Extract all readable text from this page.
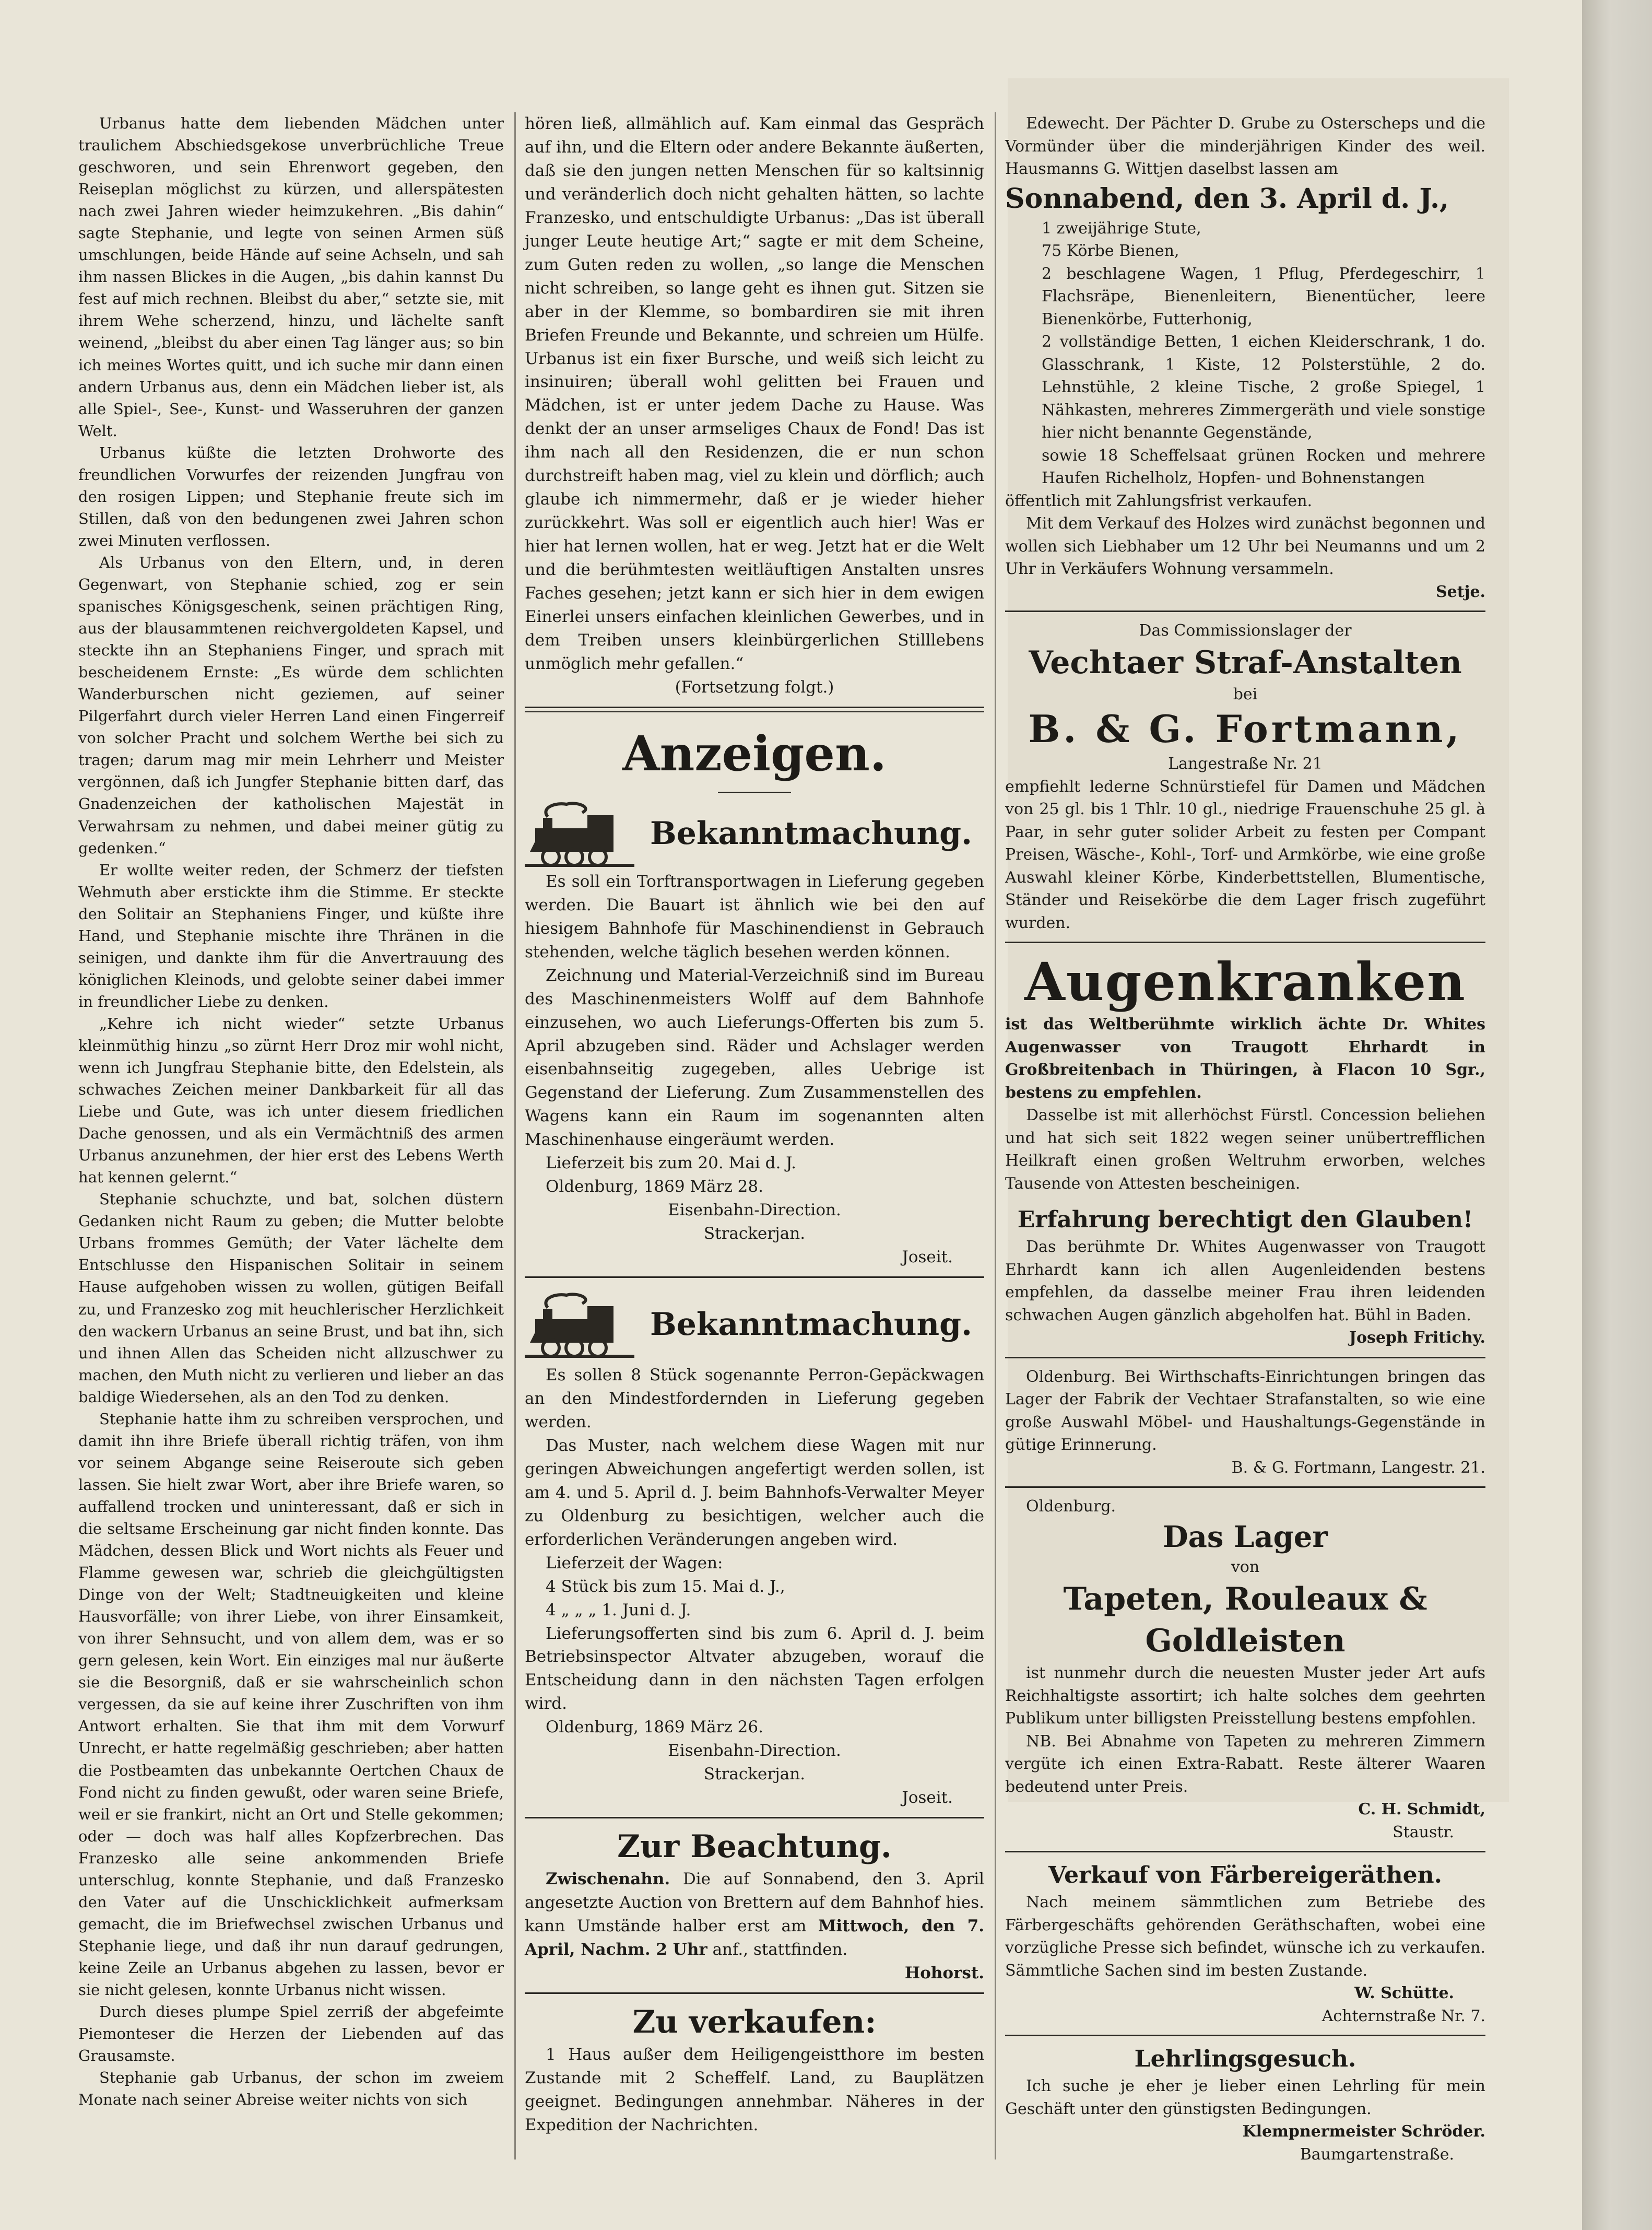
Urbanus hatte dem liebenden Mädchen unter traulichem Abschiedsgekose unverbrüchliche Treue geschworen, und sein Ehrenwort gegeben, den Reiseplan möglichst zu kürzen, und allerspätesten nach zwei Jahren wieder heimzukehren. „Bis dahin“ sagte Stephanie, und legte von seinen Armen süß umschlungen, beide Hände auf seine Achseln, und sah ihm nassen Blickes in die Augen, „bis dahin kannst Du fest auf mich rechnen. Bleibst du aber,“ setzte sie, mit ihrem Wehe scherzend, hinzu, und lächelte sanft weinend, „bleibst du aber einen Tag länger aus; so bin ich meines Wortes quitt, und ich suche mir dann einen andern Urbanus aus, denn ein Mädchen lieber ist, als alle Spiel-, See-, Kunst- und Wasseruhren der ganzen Welt.

Urbanus küßte die letzten Drohworte des freundlichen Vorwurfes der reizenden Jungfrau von den rosigen Lippen; und Stephanie freute sich im Stillen, daß von den bedungenen zwei Jahren schon zwei Minuten verflossen.

Als Urbanus von den Eltern, und, in deren Gegenwart, von Stephanie schied, zog er sein spanisches Königsgeschenk, seinen prächtigen Ring, aus der blausammtenen reichvergoldeten Kapsel, und steckte ihn an Stephaniens Finger, und sprach mit bescheidenem Ernste: „Es würde dem schlichten Wanderburschen nicht geziemen, auf seiner Pilgerfahrt durch vieler Herren Land einen Fingerreif von solcher Pracht und solchem Werthe bei sich zu tragen; darum mag mir mein Lehrherr und Meister vergönnen, daß ich Jungfer Stephanie bitten darf, das Gnadenzeichen der katholischen Majestät in Verwahrsam zu nehmen, und dabei meiner gütig zu gedenken.“

Er wollte weiter reden, der Schmerz der tiefsten Wehmuth aber erstickte ihm die Stimme. Er steckte den Solitair an Stephaniens Finger, und küßte ihre Hand, und Stephanie mischte ihre Thränen in die seinigen, und dankte ihm für die Anvertrauung des königlichen Kleinods, und gelobte seiner dabei immer in freundlicher Liebe zu denken.

„Kehre ich nicht wieder“ setzte Urbanus kleinmüthig hinzu „so zürnt Herr Droz mir wohl nicht, wenn ich Jungfrau Stephanie bitte, den Edelstein, als schwaches Zeichen meiner Dankbarkeit für all das Liebe und Gute, was ich unter diesem friedlichen Dache genossen, und als ein Vermächtniß des armen Urbanus anzunehmen, der hier erst des Lebens Werth hat kennen gelernt.“

Stephanie schuchzte, und bat, solchen düstern Gedanken nicht Raum zu geben; die Mutter belobte Urbans frommes Gemüth; der Vater lächelte dem Entschlusse den Hispanischen Solitair in seinem Hause aufgehoben wissen zu wollen, gütigen Beifall zu, und Franzesko zog mit heuchlerischer Herzlichkeit den wackern Urbanus an seine Brust, und bat ihn, sich und ihnen Allen das Scheiden nicht allzuschwer zu machen, den Muth nicht zu verlieren und lieber an das baldige Wiedersehen, als an den Tod zu denken.

Stephanie hatte ihm zu schreiben versprochen, und damit ihn ihre Briefe überall richtig träfen, von ihm vor seinem Abgange seine Reiseroute sich geben lassen. Sie hielt zwar Wort, aber ihre Briefe waren, so auffallend trocken und uninteressant, daß er sich in die seltsame Erscheinung gar nicht finden konnte. Das Mädchen, dessen Blick und Wort nichts als Feuer und Flamme gewesen war, schrieb die gleichgültigsten Dinge von der Welt; Stadtneuigkeiten und kleine Hausvorfälle; von ihrer Liebe, von ihrer Einsamkeit, von ihrer Sehnsucht, und von allem dem, was er so gern gelesen, kein Wort. Ein einziges mal nur äußerte sie die Besorgniß, daß er sie wahrscheinlich schon vergessen, da sie auf keine ihrer Zuschriften von ihm Antwort erhalten. Sie that ihm mit dem Vorwurf Unrecht, er hatte regelmäßig geschrieben; aber hatten die Postbeamten das unbekannte Oertchen Chaux de Fond nicht zu finden gewußt, oder waren seine Briefe, weil er sie frankirt, nicht an Ort und Stelle gekommen; oder — doch was half alles Kopfzerbrechen. Das Franzesko alle seine ankommenden Briefe unterschlug, konnte Stephanie, und daß Franzesko den Vater auf die Unschicklichkeit aufmerksam gemacht, die im Briefwechsel zwischen Urbanus und Stephanie liege, und daß ihr nun darauf gedrungen, keine Zeile an Urbanus abgehen zu lassen, bevor er sie nicht gelesen, konnte Urbanus nicht wissen.

Durch dieses plumpe Spiel zerriß der abgefeimte Piemonteser die Herzen der Liebenden auf das Grausamste.

Stephanie gab Urbanus, der schon im zweiem Monate nach seiner Abreise weiter nichts von sich

hören ließ, allmählich auf. Kam einmal das Gespräch auf ihn, und die Eltern oder andere Bekannte äußerten, daß sie den jungen netten Menschen für so kaltsinnig und veränderlich doch nicht gehalten hätten, so lachte Franzesko, und entschuldigte Urbanus: „Das ist überall junger Leute heutige Art;“ sagte er mit dem Scheine, zum Guten reden zu wollen, „so lange die Menschen nicht schreiben, so lange geht es ihnen gut. Sitzen sie aber in der Klemme, so bombardiren sie mit ihren Briefen Freunde und Bekannte, und schreien um Hülfe. Urbanus ist ein fixer Bursche, und weiß sich leicht zu insinuiren; überall wohl gelitten bei Frauen und Mädchen, ist er unter jedem Dache zu Hause. Was denkt der an unser armseliges Chaux de Fond! Das ist ihm nach all den Residenzen, die er nun schon durchstreift haben mag, viel zu klein und dörflich; auch glaube ich nimmermehr, daß er je wieder hieher zurückkehrt. Was soll er eigentlich auch hier! Was er hier hat lernen wollen, hat er weg. Jetzt hat er die Welt und die berühmtesten weitläuftigen Anstalten unsres Faches gesehen; jetzt kann er sich hier in dem ewigen Einerlei unsers einfachen kleinlichen Gewerbes, und in dem Treiben unsers kleinbürgerlichen Stilllebens unmöglich mehr gefallen.“

(Fortsetzung folgt.)

Anzeigen.
Bekanntmachung.

Es soll ein Torftransportwagen in Lieferung gegeben werden. Die Bauart ist ähnlich wie bei den auf hiesigem Bahnhofe für Maschinendienst in Gebrauch stehenden, welche täglich besehen werden können.

Zeichnung und Material-Verzeichniß sind im Bureau des Maschinenmeisters Wolff auf dem Bahnhofe einzusehen, wo auch Lieferungs-Offerten bis zum 5. April abzugeben sind. Räder und Achslager werden eisenbahnseitig zugegeben, alles Uebrige ist Gegenstand der Lieferung. Zum Zusammenstellen des Wagens kann ein Raum im sogenannten alten Maschinenhause eingeräumt werden.

Lieferzeit bis zum 20. Mai d. J.

Oldenburg, 1869 März 28.

Eisenbahn-Direction.

Strackerjan.

Joseit.

Bekanntmachung.

Es sollen 8 Stück sogenannte Perron-Gepäckwagen an den Mindestfordernden in Lieferung gegeben werden.

Das Muster, nach welchem diese Wagen mit nur geringen Abweichungen angefertigt werden sollen, ist am 4. und 5. April d. J. beim Bahnhofs-Verwalter Meyer zu Oldenburg zu besichtigen, welcher auch die erforderlichen Veränderungen angeben wird.

Lieferzeit der Wagen:

4 Stück bis zum 15. Mai d. J.,

4 „ „ „ 1. Juni d. J.

Lieferungsofferten sind bis zum 6. April d. J. beim Betriebsinspector Altvater abzugeben, worauf die Entscheidung dann in den nächsten Tagen erfolgen wird.

Oldenburg, 1869 März 26.

Eisenbahn-Direction.

Strackerjan.

Joseit.

Zur Beachtung.

Zwischenahn. Die auf Sonnabend, den 3. April angesetzte Auction von Brettern auf dem Bahnhof hies. kann Umstände halber erst am Mittwoch, den 7. April, Nachm. 2 Uhr anf., stattfinden.

Hohorst.

Zu verkaufen:

1 Haus außer dem Heiligengeistthore im besten Zustande mit 2 Scheffelf. Land, zu Bauplätzen geeignet. Bedingungen annehmbar. Näheres in der Expedition der Nachrichten.

Edewecht. Der Pächter D. Grube zu Osterscheps und die Vormünder über die minderjährigen Kinder des weil. Hausmanns G. Wittjen daselbst lassen am

Sonnabend, den 3. April d. J.,

1 zweijährige Stute,

75 Körbe Bienen,

2 beschlagene Wagen, 1 Pflug, Pferdegeschirr, 1 Flachsräpe, Bienenleitern, Bienentücher, leere Bienenkörbe, Futterhonig,

2 vollständige Betten, 1 eichen Kleiderschrank, 1 do. Glasschrank, 1 Kiste, 12 Polsterstühle, 2 do. Lehnstühle, 2 kleine Tische, 2 große Spiegel, 1 Nähkasten, mehreres Zimmergeräth und viele sonstige hier nicht benannte Gegenstände,

sowie 18 Scheffelsaat grünen Rocken und mehrere Haufen Richelholz, Hopfen- und Bohnenstangen

öffentlich mit Zahlungsfrist verkaufen.

Mit dem Verkauf des Holzes wird zunächst begonnen und wollen sich Liebhaber um 12 Uhr bei Neumanns und um 2 Uhr in Verkäufers Wohnung versammeln.

Setje.

Das Commissionslager der

Vechtaer Straf-Anstalten

bei

B. & G. Fortmann,

Langestraße Nr. 21

empfiehlt lederne Schnürstiefel für Damen und Mädchen von 25 gl. bis 1 Thlr. 10 gl., niedrige Frauenschuhe 25 gl. à Paar, in sehr guter solider Arbeit zu festen per Compant Preisen, Wäsche-, Kohl-, Torf- und Armkörbe, wie eine große Auswahl kleiner Körbe, Kinderbettstellen, Blumentische, Ständer und Reisekörbe die dem Lager frisch zugeführt wurden.

Augenkranken

ist das Weltberühmte wirklich ächte Dr. Whites Augenwasser von Traugott Ehrhardt in Großbreitenbach in Thüringen, à Flacon 10 Sgr., bestens zu empfehlen.

Dasselbe ist mit allerhöchst Fürstl. Concession beliehen und hat sich seit 1822 wegen seiner unübertrefflichen Heilkraft einen großen Weltruhm erworben, welches Tausende von Attesten bescheinigen.

Erfahrung berechtigt den Glauben!

Das berühmte Dr. Whites Augenwasser von Traugott Ehrhardt kann ich allen Augenleidenden bestens empfehlen, da dasselbe meiner Frau ihren leidenden schwachen Augen gänzlich abgeholfen hat. Bühl in Baden.

Joseph Fritichy.

Oldenburg. Bei Wirthschafts-Einrichtungen bringen das Lager der Fabrik der Vechtaer Strafanstalten, so wie eine große Auswahl Möbel- und Haushaltungs-Gegenstände in gütige Erinnerung.

B. & G. Fortmann, Langestr. 21.

Oldenburg.

Das Lager

von

Tapeten, Rouleaux & Goldleisten

ist nunmehr durch die neuesten Muster jeder Art aufs Reichhaltigste assortirt; ich halte solches dem geehrten Publikum unter billigsten Preisstellung bestens empfohlen.

NB. Bei Abnahme von Tapeten zu mehreren Zimmern vergüte ich einen Extra-Rabatt. Reste älterer Waaren bedeutend unter Preis.

C. H. Schmidt,

Staustr.

Verkauf von Färbereigeräthen.

Nach meinem sämmtlichen zum Betriebe des Färbergeschäfts gehörenden Geräthschaften, wobei eine vorzügliche Presse sich befindet, wünsche ich zu verkaufen. Sämmtliche Sachen sind im besten Zustande.

W. Schütte.

Achternstraße Nr. 7.

Lehrlingsgesuch.

Ich suche je eher je lieber einen Lehrling für mein Geschäft unter den günstigsten Bedingungen.

Klempnermeister Schröder.

Baumgartenstraße.
